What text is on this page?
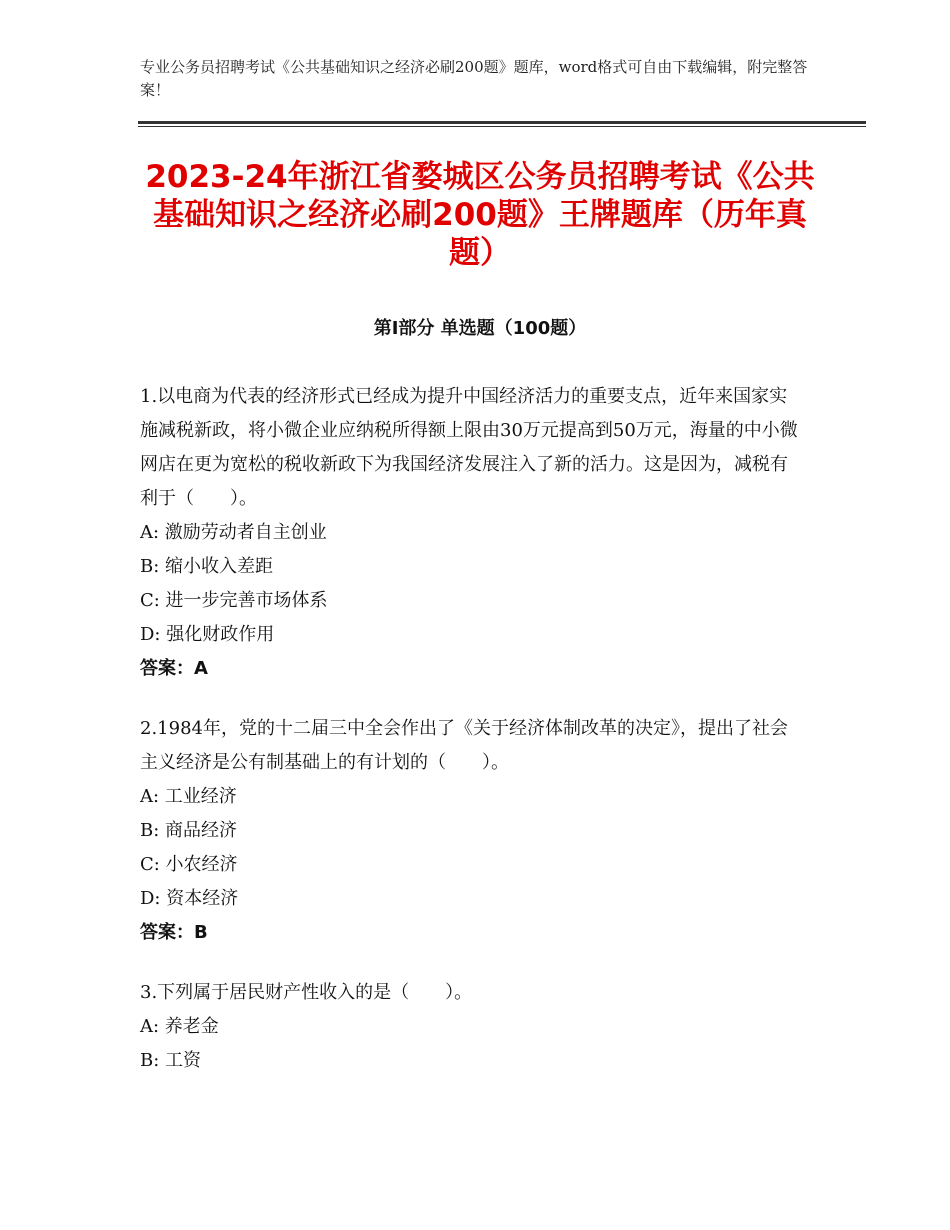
专业公务员招聘考试《公共基础知识之经济必刷200题》题库，word格式可自由下载编辑，附完整答案！
2023-24年浙江省婺城区公务员招聘考试《公共基础知识之经济必刷200题》王牌题库（历年真题）
第I部分 单选题（100题）
1.以电商为代表的经济形式已经成为提升中国经济活力的重要支点，近年来国家实施减税新政，将小微企业应纳税所得额上限由30万元提高到50万元，海量的中小微网店在更为宽松的税收新政下为我国经济发展注入了新的活力。这是因为，减税有利于（　　）。
A: 激励劳动者自主创业
B: 缩小收入差距
C: 进一步完善市场体系
D: 强化财政作用
答案：A
2.1984年，党的十二届三中全会作出了《关于经济体制改革的决定》，提出了社会主义经济是公有制基础上的有计划的（　　）。
A: 工业经济
B: 商品经济
C: 小农经济
D: 资本经济
答案：B
3.下列属于居民财产性收入的是（　　）。
A: 养老金
B: 工资
